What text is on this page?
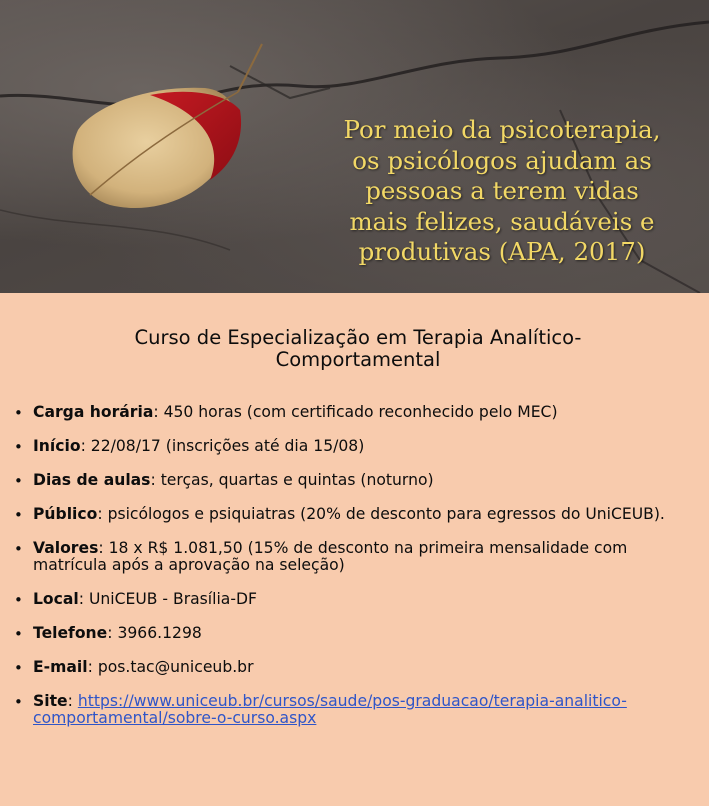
Por meio da psicoterapia,
os psicólogos ajudam as
pessoas a terem vidas
mais felizes, saudáveis e
produtivas (APA, 2017)
Curso de Especialização em Terapia Analítico-Comportamental
• Carga horária: 450 horas (com certificado reconhecido pelo MEC)
• Início: 22/08/17 (inscrições até dia 15/08)
• Dias de aulas: terças, quartas e quintas (noturno)
• Público: psicólogos e psiquiatras (20% de desconto para egressos do UniCEUB).
• Valores: 18 x R$ 1.081,50 (15% de desconto na primeira mensalidade com matrícula após a aprovação na seleção)
• Local: UniCEUB - Brasília-DF
• Telefone: 3966.1298
• E-mail: pos.tac@uniceub.br
• Site: https://www.uniceub.br/cursos/saude/pos-graduacao/terapia-analitico-comportamental/sobre-o-curso.aspx
